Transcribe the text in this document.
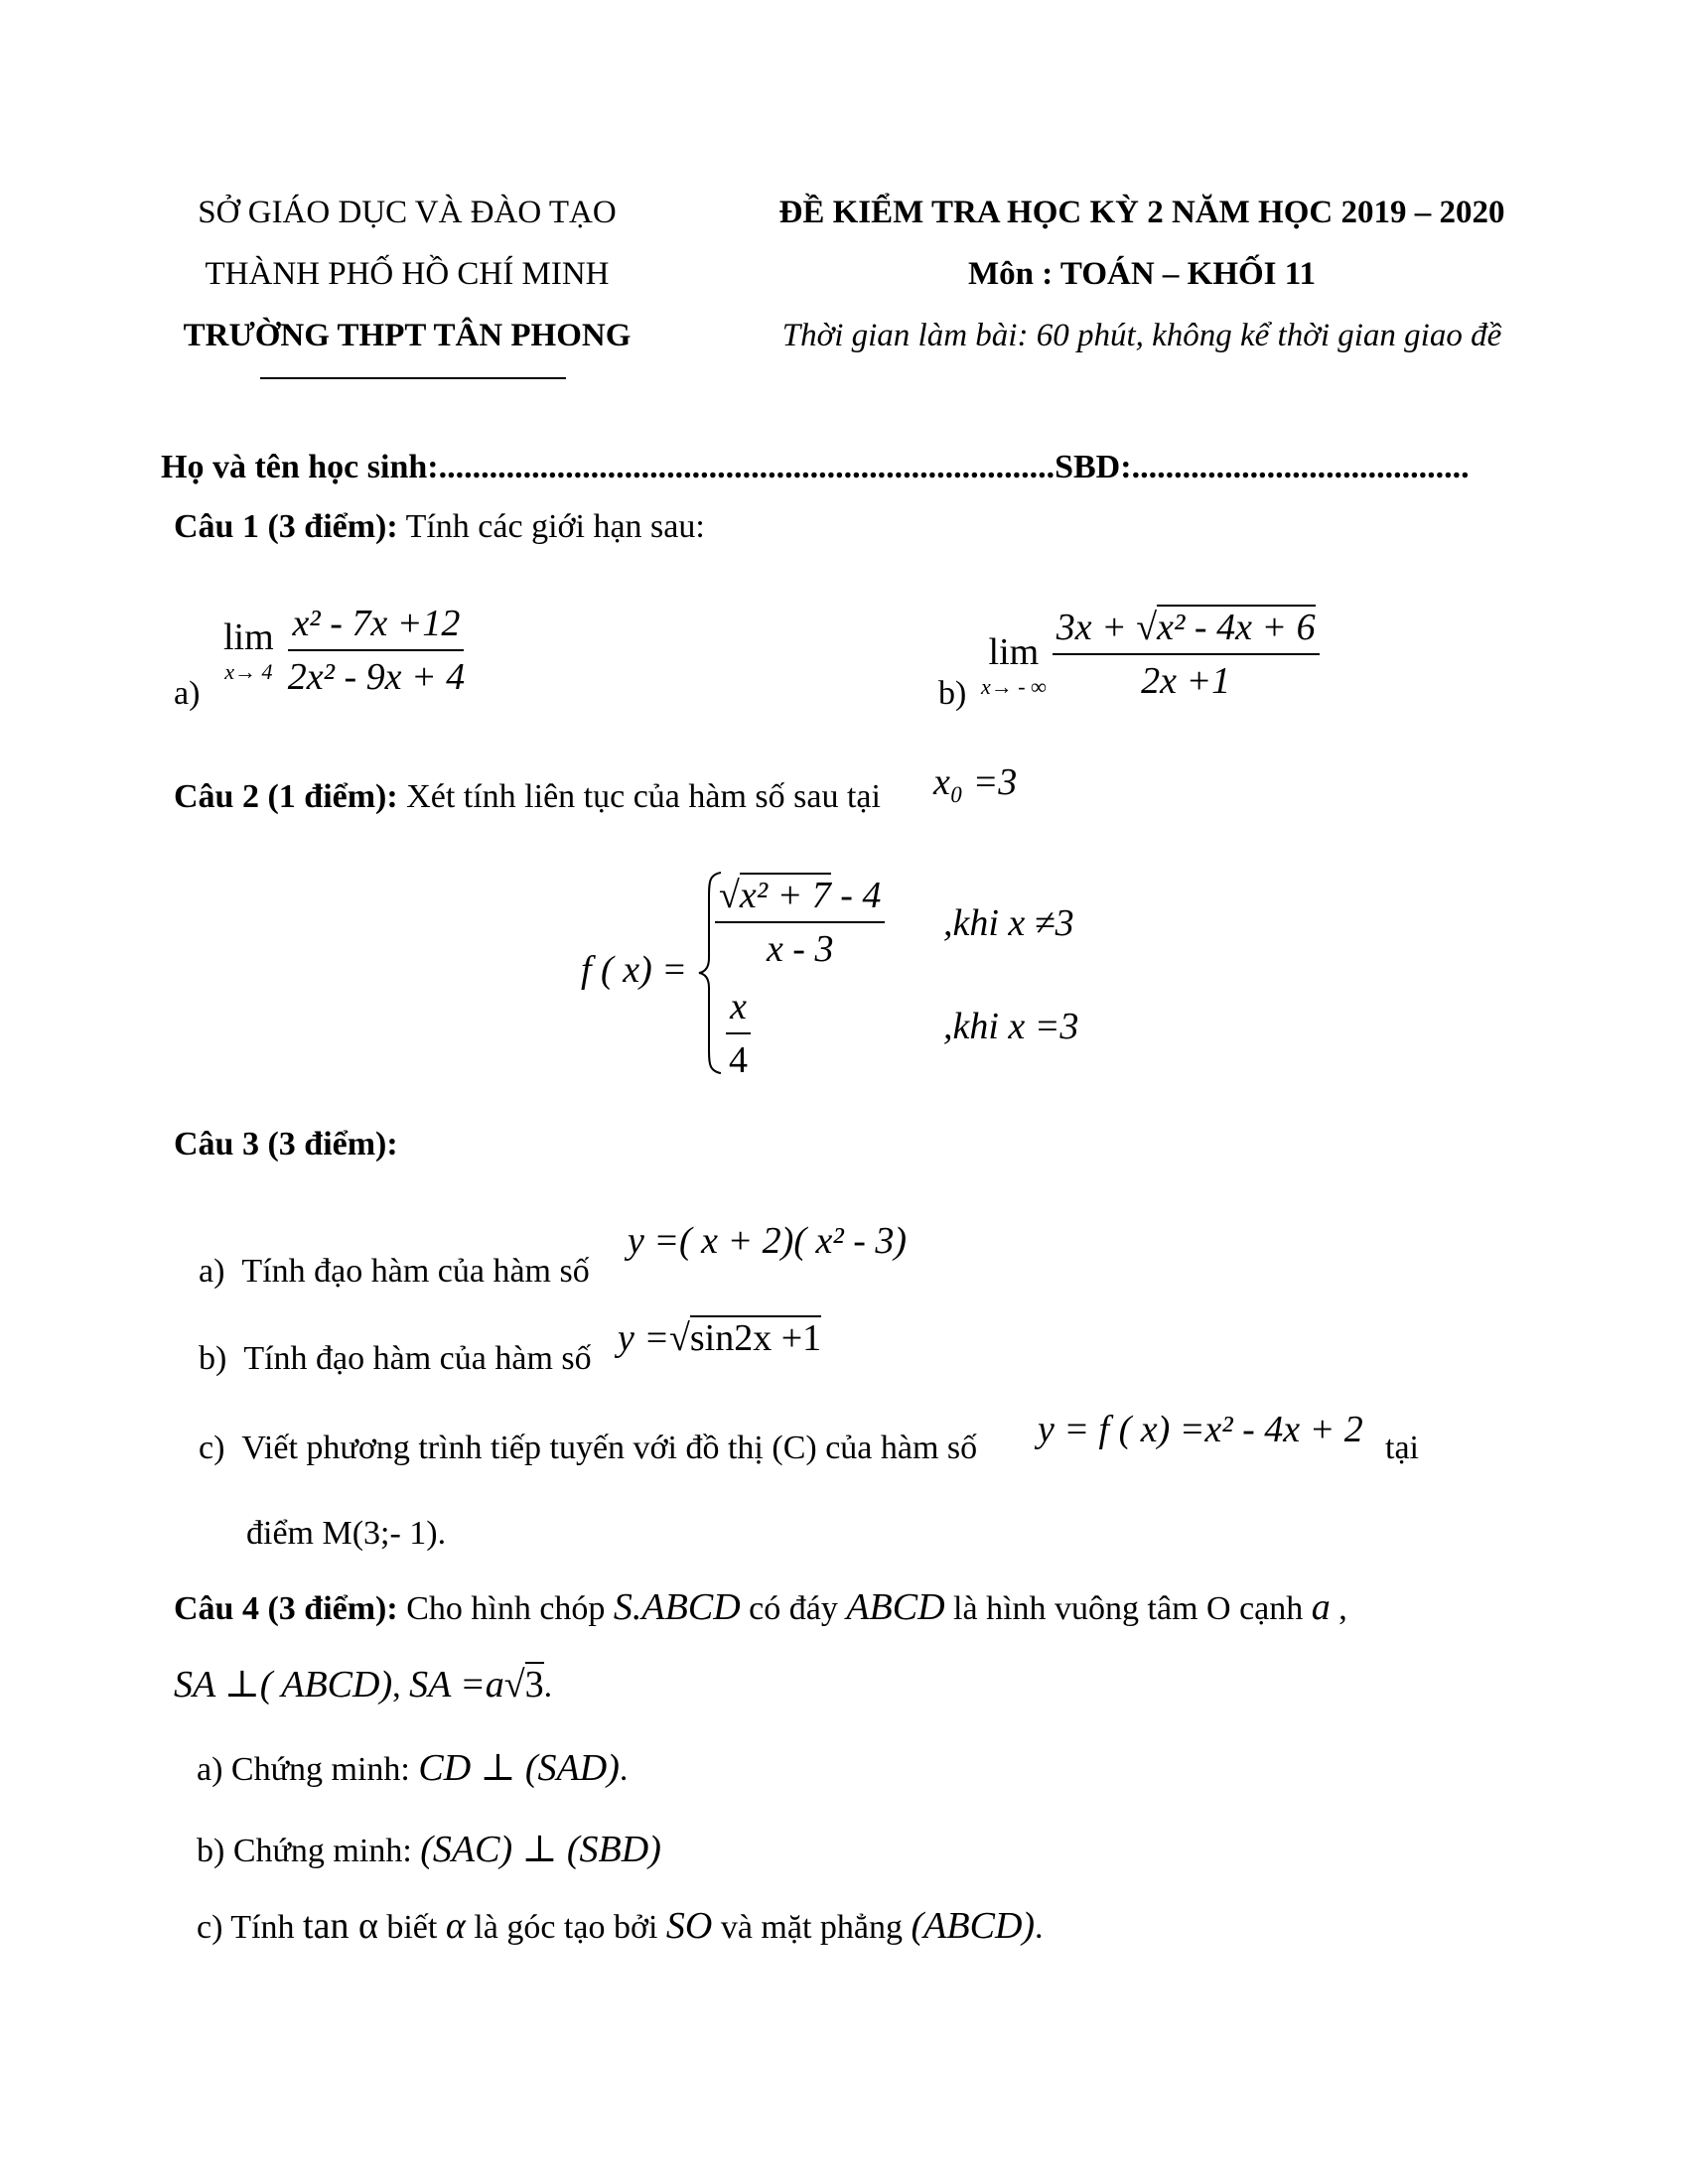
SỞ GIÁO DỤC VÀ ĐÀO TẠO
THÀNH PHỐ HỒ CHÍ MINH
TRƯỜNG THPT TÂN PHONG
ĐỀ KIỂM TRA HỌC KỲ 2 NĂM HỌC 2019 – 2020
Môn : TOÁN – KHỐI 11
Thời gian làm bài: 60 phút, không kể thời gian giao đề
Họ và tên học sinh:.........................................................................SBD:........................................
Câu 1 (3 điểm): Tính các giới hạn sau:
a)
lim
$x\to 4 \frac{\text{x² - 7x +12}}{\text{2x² - 9x + 4}}$	b)
lim
x→ - ∞ $\frac{\text{3x + √x² - 4x + 6}}{2x +1}$
Câu 2 (1 điểm): Xét tính liên tục của hàm số sau tại x₀ =3
f ( $x) = \frac{\text{√x² + 7 - 4}}{x - 3} ,khi$ x ≠3
$\frac{x}{4}$	,khi x =3
Câu 3 (3 điểm):
a) Tính đạo hàm của hàm số
y =( x + 2)( x² - 3)
b) Tính đạo hàm của hàm số y =√sin2x +1
c) Viết phương trình tiếp tuyến với đồ thị (C) của hàm số y = f ( x) =x² - 4x + 2 tại
điểm M(3;- 1).
Câu 4 (3 điểm): Cho hình chóp S.ABCD có đáy ABCD là hình vuông tâm O cạnh a ,
SA ⊥( ABCD), SA =a√3.
a) Chứng minh: CD ⊥ (SAD).
b) Chứng minh: (SAC) ⊥ (SBD)
c) Tính tan α biết α là góc tạo bởi SO và mặt phẳng (ABCD).
